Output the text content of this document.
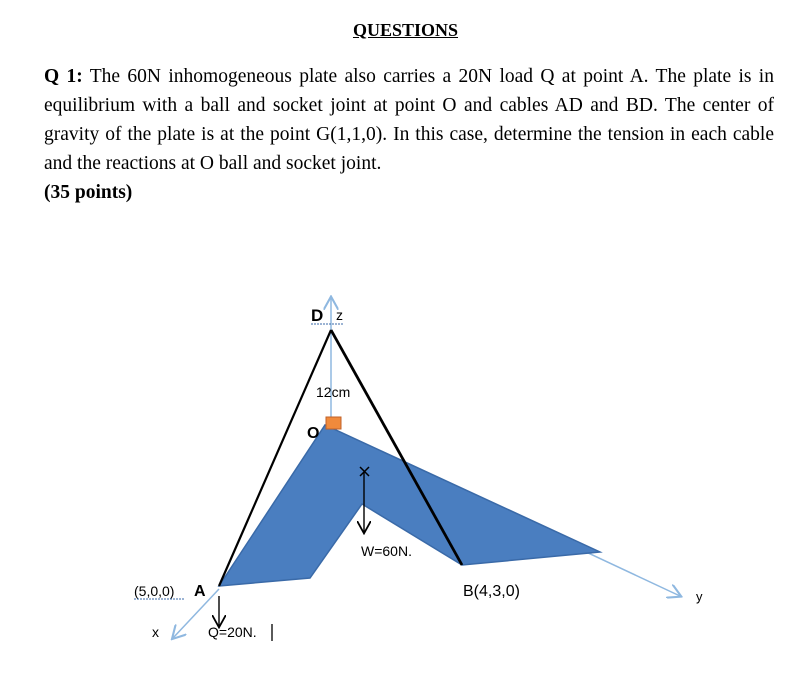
QUESTIONS
Q 1: The 60N inhomogeneous plate also carries a 20N load Q at point A. The plate is in equilibrium with a ball and socket joint at point O and cables AD and BD. The center of gravity of the plate is at the point G(1,1,0). In this case, determine the tension in each cable and the reactions at O ball and socket joint.
(35 points)
D z
12cm
O
W=60N.
(5,0,0) A	B(4,3,0)	y
x	Q=20N.
